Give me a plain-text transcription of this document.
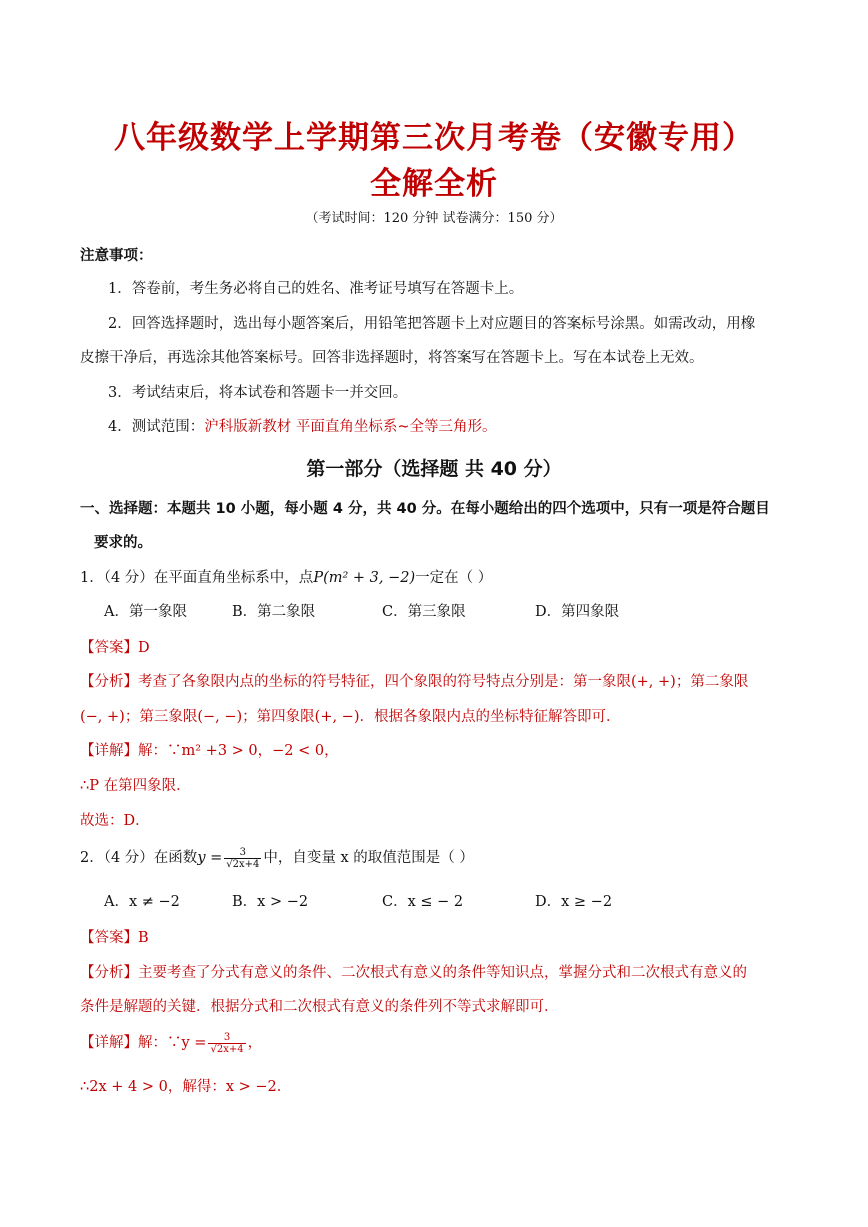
八年级数学上学期第三次月考卷（安徽专用）
全解全析
（考试时间：120 分钟 试卷满分：150 分）
注意事项：
1．答卷前，考生务必将自己的姓名、准考证号填写在答题卡上。
2．回答选择题时，选出每小题答案后，用铅笔把答题卡上对应题目的答案标号涂黑。如需改动，用橡
皮擦干净后，再选涂其他答案标号。回答非选择题时，将答案写在答题卡上。写在本试卷上无效。
3．考试结束后，将本试卷和答题卡一并交回。
4．测试范围：沪科版新教材 平面直角坐标系~全等三角形。
第一部分（选择题 共 40 分）
一、选择题：本题共 10 小题，每小题 4 分，共 40 分。在每小题给出的四个选项中，只有一项是符合题目
要求的。
1．（4 分）在平面直角坐标系中，点P(m² + 3, −2)一定在（ ）
A．第一象限	B．第二象限	C．第三象限	D．第四象限
【答案】D
【分析】考查了各象限内点的坐标的符号特征，四个象限的符号特点分别是：第一象限(+, +)；第二象限
(−, +)；第三象限(−, −)；第四象限(+, −)．根据各象限内点的坐标特征解答即可．
【详解】解：∵m² +3 > 0，−2 < 0，
∴P 在第四象限．
故选：D．
2．（4 分）在函数$y = \frac{3}{√2x+4}$ 中，自变量 x 的取值范围是（ ）
A．x ≠ −2	B．x > −2	C．x ≤ − 2	D．x ≥ −2
【答案】B
【分析】主要考查了分式有意义的条件、二次根式有意义的条件等知识点，掌握分式和二次根式有意义的
条件是解题的关键．根据分式和二次根式有意义的条件列不等式求解即可．
【详解】解：∵y = $\frac{3}{√2x+4}$ ，
∴2x + 4 > 0，解得：x > −2．
